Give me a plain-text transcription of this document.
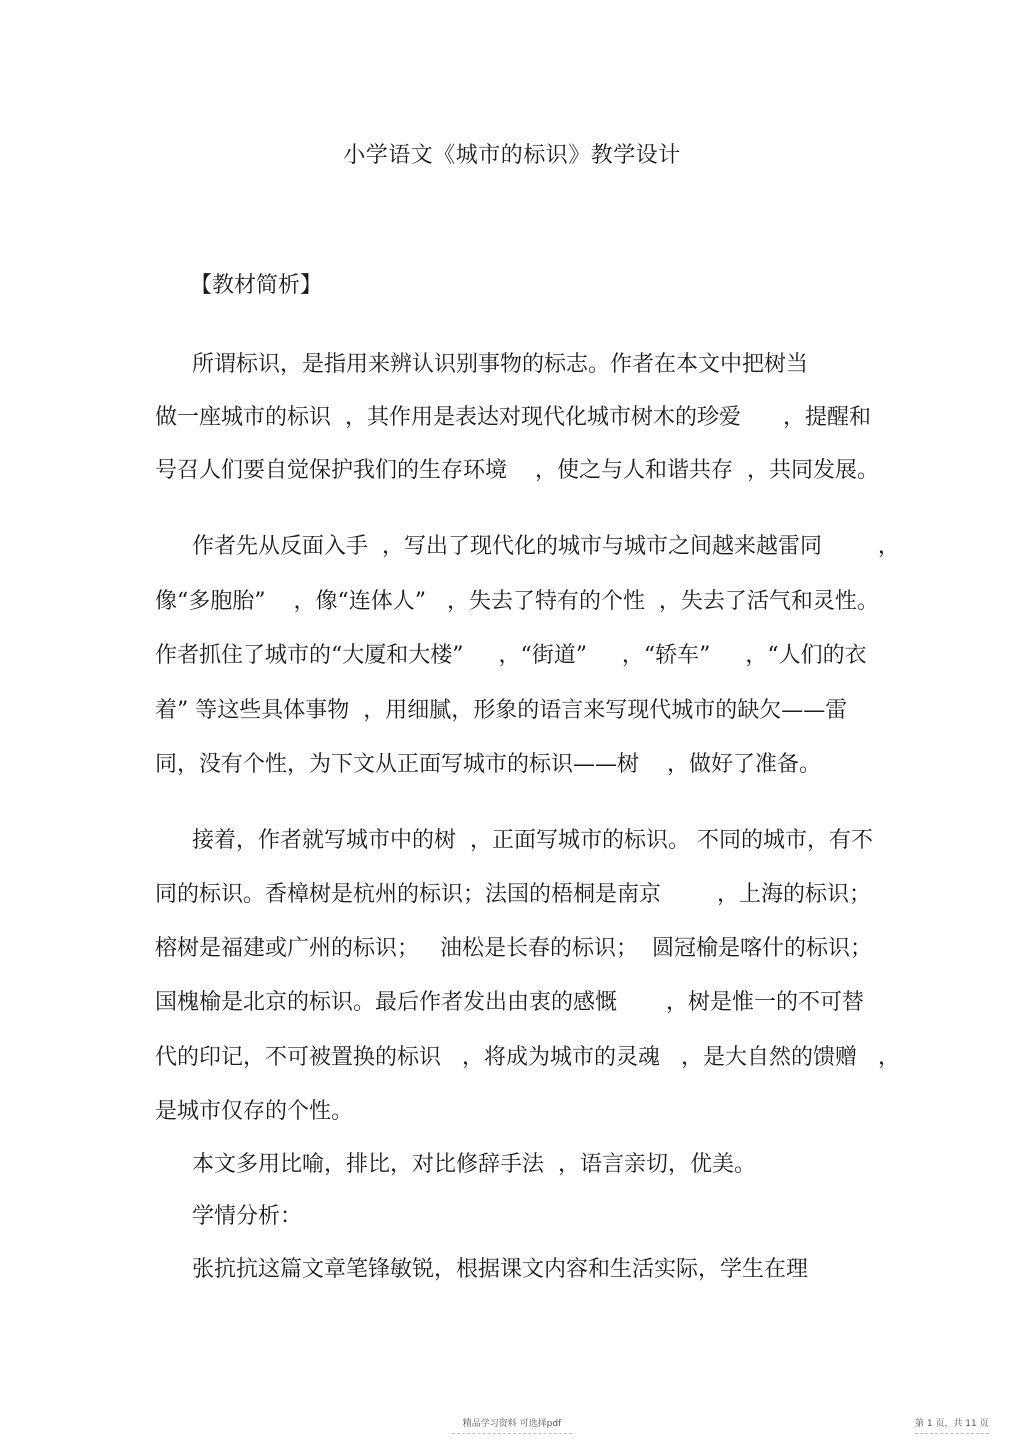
小学语文《城市的标识》教学设计
【教材简析】
所谓标识，是指用来辨认识别事物的标志。作者在本文中把树当
做一座城市的标识  ，其作用是表达对现代化城市树木的珍爱      ，提醒和
号召人们要自觉保护我们的生存环境    ，使之与人和谐共存  ，共同发展。
作者先从反面入手  ，写出了现代化的城市与城市之间越来越雷同        ，
像“多胞胎”    ，像“连体人”   ，失去了特有的个性  ，失去了活气和灵性。
作者抓住了城市的“大厦和大楼”     ，“街道”     ，“轿车”     ，“人们的衣
着” 等这些具体事物  ，用细腻，形象的语言来写现代城市的缺欠——雷
同，没有个性，为下文从正面写城市的标识——树    ，做好了准备。
接着，作者就写城市中的树  ，正面写城市的标识。 不同的城市，有不
同的标识。香樟树是杭州的标识；法国的梧桐是南京        ，上海的标识；
榕树是福建或广州的标识；   油松是长春的标识；  圆冠榆是喀什的标识；
国槐榆是北京的标识。最后作者发出由衷的感慨       ，树是惟一的不可替
代的印记，不可被置换的标识   ，将成为城市的灵魂   ，是大自然的馈赠   ，
是城市仅存的个性。
本文多用比喻，排比，对比修辞手法  ，语言亲切，优美。
学情分析：
张抗抗这篇文章笔锋敏锐，根据课文内容和生活实际，学生在理
精品学习资料 可选择pdf	第 1 页，共 11 页
